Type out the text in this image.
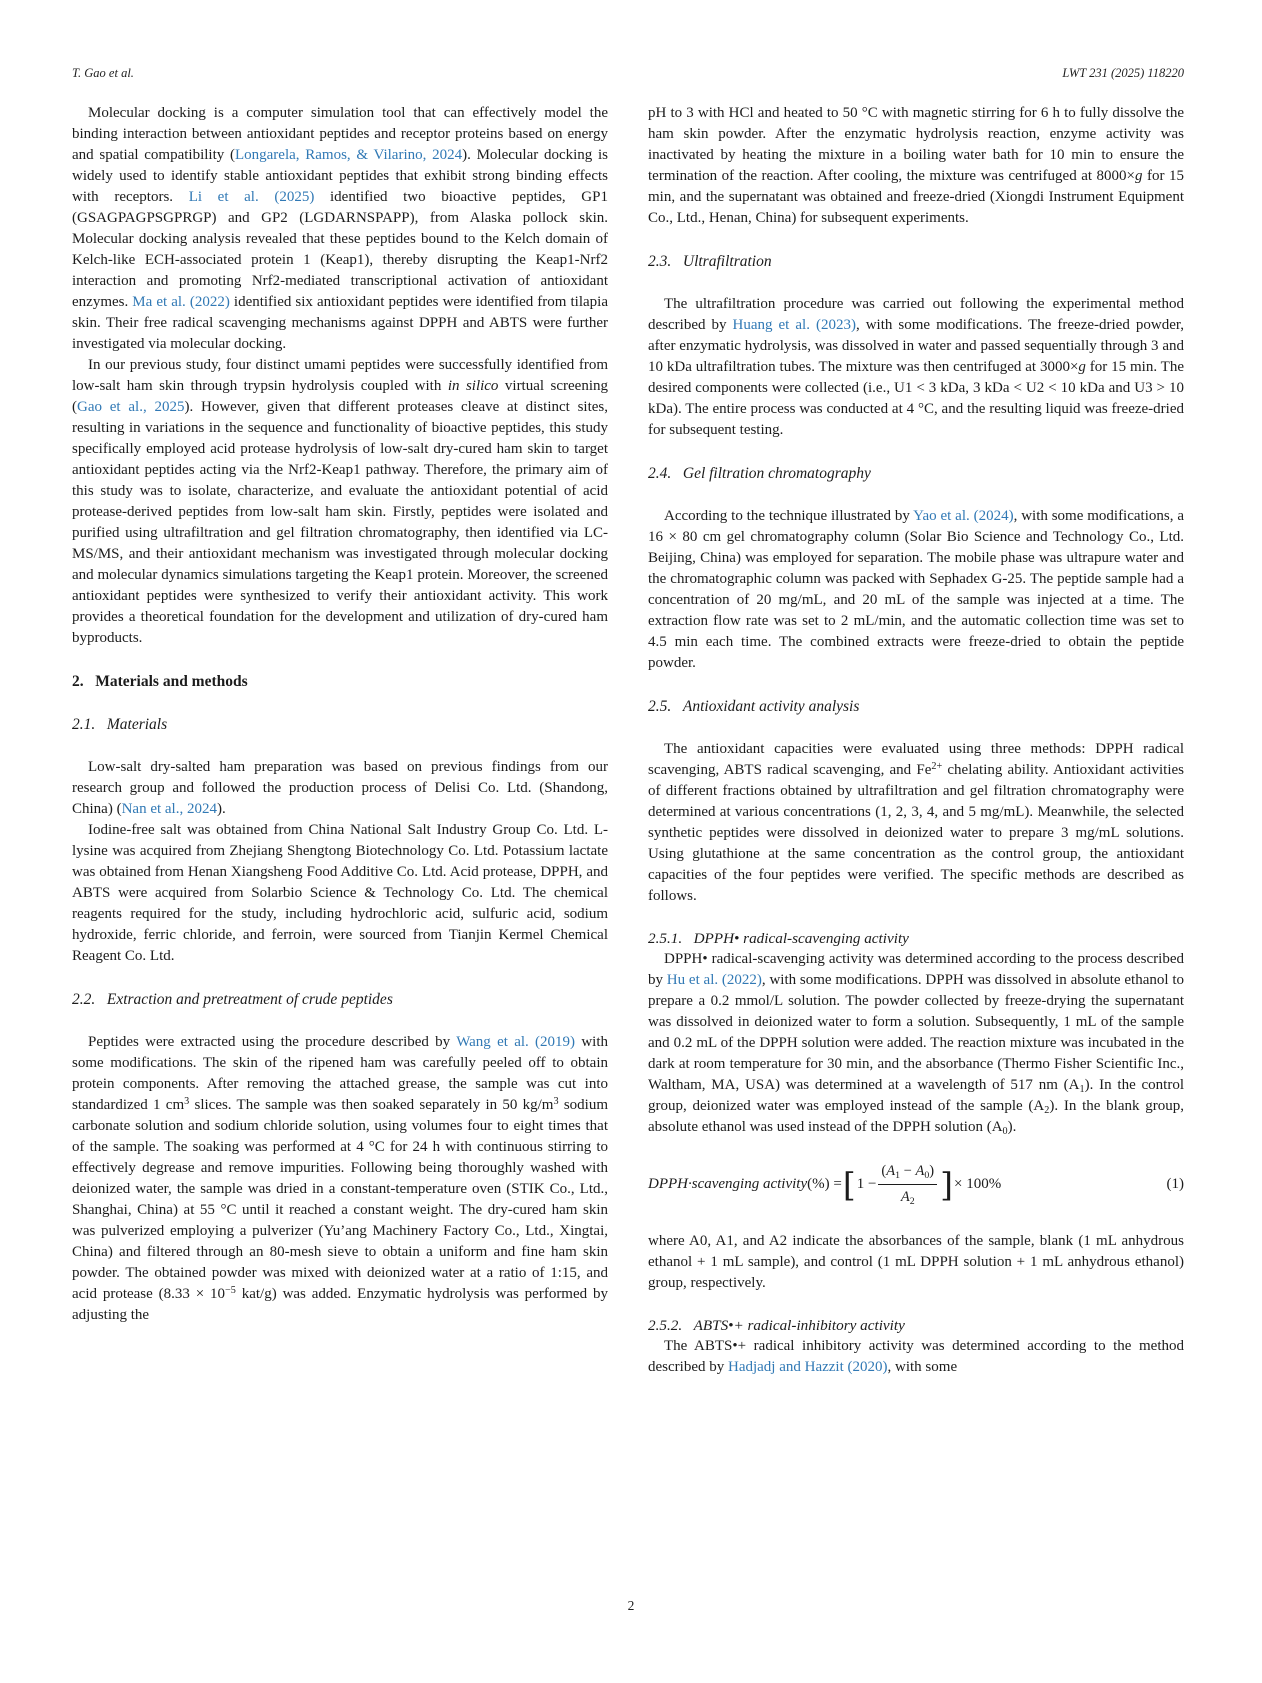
T. Gao et al.	LWT 231 (2025) 118220

Molecular docking is a computer simulation tool that can effectively model the binding interaction between antioxidant peptides and receptor proteins based on energy and spatial compatibility (Longarela, Ramos, & Vilarino, 2024). Molecular docking is widely used to identify stable antioxidant peptides that exhibit strong binding effects with receptors. Li et al. (2025) identified two bioactive peptides, GP1 (GSAGPAGPSGPRGP) and GP2 (LGDARNSPAPP), from Alaska pollock skin. Molecular docking analysis revealed that these peptides bound to the Kelch domain of Kelch-like ECH-associated protein 1 (Keap1), thereby disrupting the Keap1-Nrf2 interaction and promoting Nrf2-mediated transcriptional activation of antioxidant enzymes. Ma et al. (2022) identified six antioxidant peptides were identified from tilapia skin. Their free radical scavenging mechanisms against DPPH and ABTS were further investigated via molecular docking.

In our previous study, four distinct umami peptides were successfully identified from low-salt ham skin through trypsin hydrolysis coupled with in silico virtual screening (Gao et al., 2025). However, given that different proteases cleave at distinct sites, resulting in variations in the sequence and functionality of bioactive peptides, this study specifically employed acid protease hydrolysis of low-salt dry-cured ham skin to target antioxidant peptides acting via the Nrf2-Keap1 pathway. Therefore, the primary aim of this study was to isolate, characterize, and evaluate the antioxidant potential of acid protease-derived peptides from low-salt ham skin. Firstly, peptides were isolated and purified using ultrafiltration and gel filtration chromatography, then identified via LC-MS/MS, and their antioxidant mechanism was investigated through molecular docking and molecular dynamics simulations targeting the Keap1 protein. Moreover, the screened antioxidant peptides were synthesized to verify their antioxidant activity. This work provides a theoretical foundation for the development and utilization of dry-cured ham byproducts.

2. Materials and methods
2.1. Materials

Low-salt dry-salted ham preparation was based on previous findings from our research group and followed the production process of Delisi Co. Ltd. (Shandong, China) (Nan et al., 2024).

Iodine-free salt was obtained from China National Salt Industry Group Co. Ltd. L-lysine was acquired from Zhejiang Shengtong Biotechnology Co. Ltd. Potassium lactate was obtained from Henan Xiangsheng Food Additive Co. Ltd. Acid protease, DPPH, and ABTS were acquired from Solarbio Science & Technology Co. Ltd. The chemical reagents required for the study, including hydrochloric acid, sulfuric acid, sodium hydroxide, ferric chloride, and ferroin, were sourced from Tianjin Kermel Chemical Reagent Co. Ltd.

2.2. Extraction and pretreatment of crude peptides

Peptides were extracted using the procedure described by Wang et al. (2019) with some modifications. The skin of the ripened ham was carefully peeled off to obtain protein components. After removing the attached grease, the sample was cut into standardized 1 $cm^3$ slices. The sample was then soaked separately in 50 $kg/m^3$ sodium carbonate solution and sodium chloride solution, using volumes four to eight times that of the sample. The soaking was performed at 4 °C for 24 h with continuous stirring to effectively degrease and remove impurities. Following being thoroughly washed with deionized water, the sample was dried in a constant-temperature oven (STIK Co., Ltd., Shanghai, China) at 55 °C until it reached a constant weight. The dry-cured ham skin was pulverized employing a pulverizer (Yu’ang Machinery Factory Co., Ltd., Xingtai, China) and filtered through an 80-mesh sieve to obtain a uniform and fine ham skin powder. The obtained powder was mixed with deionized water at a ratio of 1:15, and acid protease ($8.33 \times 10^{-5}$ kat/g) was added. Enzymatic hydrolysis was performed by adjusting the

pH to 3 with HCl and heated to 50 °C with magnetic stirring for 6 h to fully dissolve the ham skin powder. After the enzymatic hydrolysis reaction, enzyme activity was inactivated by heating the mixture in a boiling water bath for 10 min to ensure the termination of the reaction. After cooling, the mixture was centrifuged at 8000×g for 15 min, and the supernatant was obtained and freeze-dried (Xiongdi Instrument Equipment Co., Ltd., Henan, China) for subsequent experiments.

2.3. Ultrafiltration

The ultrafiltration procedure was carried out following the experimental method described by Huang et al. (2023), with some modifications. The freeze-dried powder, after enzymatic hydrolysis, was dissolved in water and passed sequentially through 3 and 10 kDa ultrafiltration tubes. The mixture was then centrifuged at 3000×g for 15 min. The desired components were collected (i.e., U1 < 3 kDa, 3 kDa < U2 < 10 kDa and U3 > 10 kDa). The entire process was conducted at 4 °C, and the resulting liquid was freeze-dried for subsequent testing.

2.4. Gel filtration chromatography

According to the technique illustrated by Yao et al. (2024), with some modifications, a 16 × 80 cm gel chromatography column (Solar Bio Science and Technology Co., Ltd. Beijing, China) was employed for separation. The mobile phase was ultrapure water and the chromatographic column was packed with Sephadex G-25. The peptide sample had a concentration of 20 mg/mL, and 20 mL of the sample was injected at a time. The extraction flow rate was set to 2 mL/min, and the automatic collection time was set to 4.5 min each time. The combined extracts were freeze-dried to obtain the peptide powder.

2.5. Antioxidant activity analysis

The antioxidant capacities were evaluated using three methods: DPPH radical scavenging, ABTS radical scavenging, and $Fe^{2+}$ chelating ability. Antioxidant activities of different fractions obtained by ultrafiltration and gel filtration chromatography were determined at various concentrations (1, 2, 3, 4, and 5 mg/mL). Meanwhile, the selected synthetic peptides were dissolved in deionized water to prepare 3 mg/mL solutions. Using glutathione at the same concentration as the control group, the antioxidant capacities of the four peptides were verified. The specific methods are described as follows.

2.5.1. DPPH• radical-scavenging activity

DPPH• radical-scavenging activity was determined according to the process described by Hu et al. (2022), with some modifications. DPPH was dissolved in absolute ethanol to prepare a 0.2 mmol/L solution. The powder collected by freeze-drying the supernatant was dissolved in deionized water to form a solution. Subsequently, 1 mL of the sample and 0.2 mL of the DPPH solution were added. The reaction mixture was incubated in the dark at room temperature for 30 min, and the absorbance (Thermo Fisher Scientific Inc., Waltham, MA, USA) was determined at a wavelength of 517 nm (A1). In the control group, deionized water was employed instead of the sample (A2). In the blank group, absolute ethanol was used instead of the DPPH solution (A0).

DPPH·scavenging activity (%) = [ $1 - \frac{(A1 - A0)}{A2}$ ] × 100%	(1)

where A0, A1, and A2 indicate the absorbances of the sample, blank (1 mL anhydrous ethanol + 1 mL sample), and control (1 mL DPPH solution + 1 mL anhydrous ethanol) group, respectively.

2.5.2. ABTS•+ radical-inhibitory activity

The ABTS•+ radical inhibitory activity was determined according to the method described by Hadjadj and Hazzit (2020), with some

2
